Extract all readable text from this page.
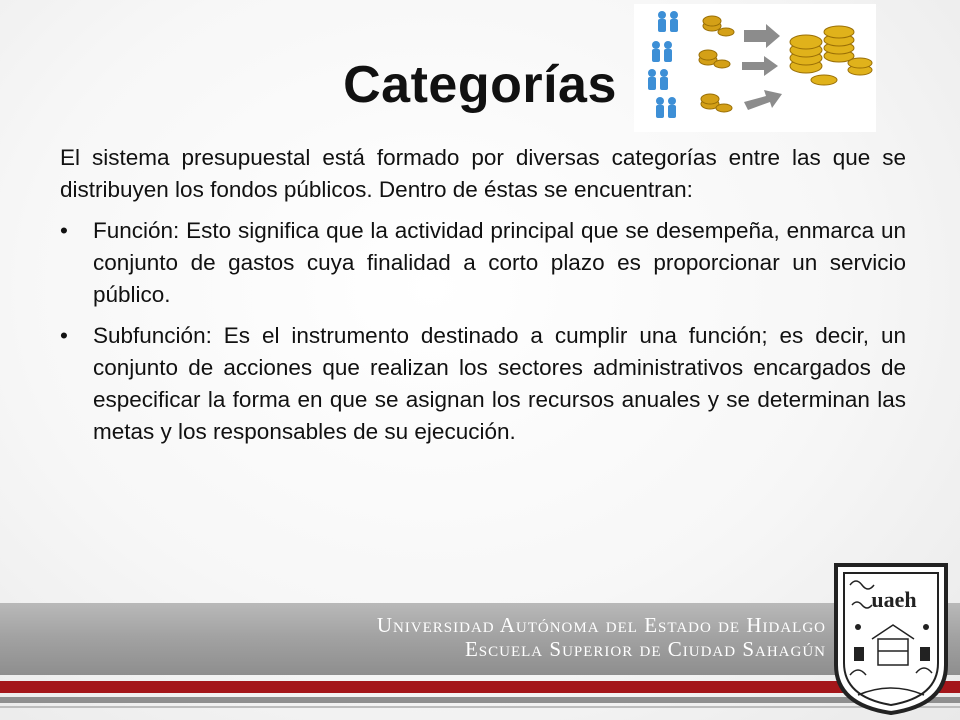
Categorías

El sistema presupuestal está formado por diversas categorías entre las que se distribuyen los fondos públicos. Dentro de éstas se encuentran:

• Función: Esto significa que la actividad principal que se desempeña, enmarca un conjunto de gastos cuya finalidad a corto plazo es proporcionar un servicio público.

• Subfunción: Es el instrumento destinado a cumplir una función; es decir, un conjunto de acciones que realizan los sectores administrativos encargados de especificar la forma en que se asignan los recursos anuales y se determinan las metas y los responsables de su ejecución.

Universidad Autónoma del Estado de Hidalgo
Escuela Superior de Ciudad Sahagún
uaeh
